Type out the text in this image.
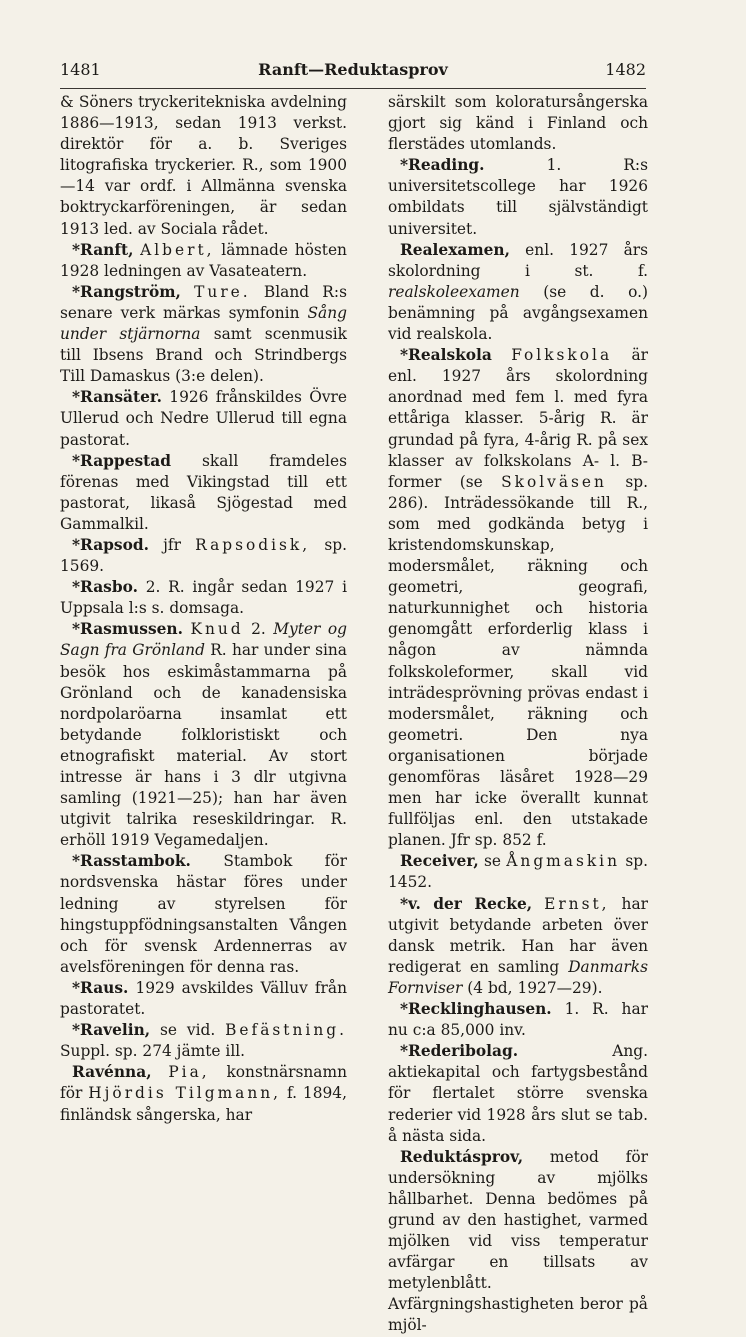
1481	Ranft—Reduktasprov	1482

& Söners tryckeritekniska avdelning 1886—1913, sedan 1913 verkst. direktör för a. b. Sveriges litografiska tryckerier. R., som 1900—14 var ordf. i Allmänna svenska boktryckarföreningen, är sedan 1913 led. av Sociala rådet.

*Ranft, Albert, lämnade hösten 1928 ledningen av Vasateatern.

*Rangström, Ture. Bland R:s senare verk märkas symfonin Sång under stjärnorna samt scenmusik till Ibsens Brand och Strindbergs Till Damaskus (3:e delen).

*Ransäter. 1926 frånskildes Övre Ullerud och Nedre Ullerud till egna pastorat.

*Rappestad skall framdeles förenas med Vikingstad till ett pastorat, likaså Sjögestad med Gammalkil.

*Rapsod. jfr Rapsodisk, sp. 1569.

*Rasbo. 2. R. ingår sedan 1927 i Uppsala l:s s. domsaga.

*Rasmussen. Knud 2. Myter og Sagn fra Grönland R. har under sina besök hos eskimåstammarna på Grönland och de kanadensiska nordpolaröarna insamlat ett betydande folkloristiskt och etnografiskt material. Av stort intresse är hans i 3 dlr utgivna samling (1921—25); han har även utgivit talrika reseskildringar. R. erhöll 1919 Vegamedaljen.

*Rasstambok. Stambok för nordsvenska hästar föres under ledning av styrelsen för hingstuppfödningsanstalten Vången och för svensk Ardennerras av avelsföreningen för denna ras.

*Raus. 1929 avskildes Välluv från pastoratet.

*Ravelin, se vid. Befästning. Suppl. sp. 274 jämte ill.

Ravénna, Pia, konstnärsnamn för Hjördis Tilgmann, f. 1894, finländsk sångerska, har

särskilt som koloratursångerska gjort sig känd i Finland och flerstädes utomlands.

*Reading.	1. R:s universitetscollege har 1926 ombildats till självständigt universitet.

Realexamen, enl. 1927 års skolordning i st. f. realskoleexamen (se d. o.) benämning på avgångsexamen vid realskola.

*Realskola Folkskola är enl. 1927 års skolordning anordnad med fem l. med fyra ettåriga klasser. 5-årig R. är grundad på fyra, 4-årig R. på sex klasser av folkskolans A- l. B-former (se Skolväsen sp. 286). Inträdessökande till R., som med godkända betyg i kristendomskunskap, modersmålet, räkning och geometri, geografi, naturkunnighet och historia genomgått erforderlig klass i någon av nämnda folkskoleformer, skall vid inträdesprövning prövas endast i modersmålet, räkning och geometri. Den nya organisationen började genomföras läsåret 1928—29 men har icke överallt kunnat fullföljas enl. den utstakade planen. Jfr sp. 852 f.

Receiver, se Ångmaskin sp. 1452.

*v. der Recke, Ernst, har utgivit betydande arbeten över dansk metrik. Han har även redigerat en samling Danmarks Fornviser (4 bd, 1927—29).

*Recklinghausen. 1. R. har nu c:a 85,000 inv.

*Rederibolag.	Ang. aktiekapital och fartygsbestånd för flertalet större svenska rederier vid 1928 års slut se tab. å nästa sida.

Reduktásprov, metod för undersökning av mjölks hållbarhet. Denna bedömes på grund av den hastighet, varmed mjölken vid viss temperatur avfärgar en tillsats av metylenblått. Avfärgningshastigheten beror på mjöl-
